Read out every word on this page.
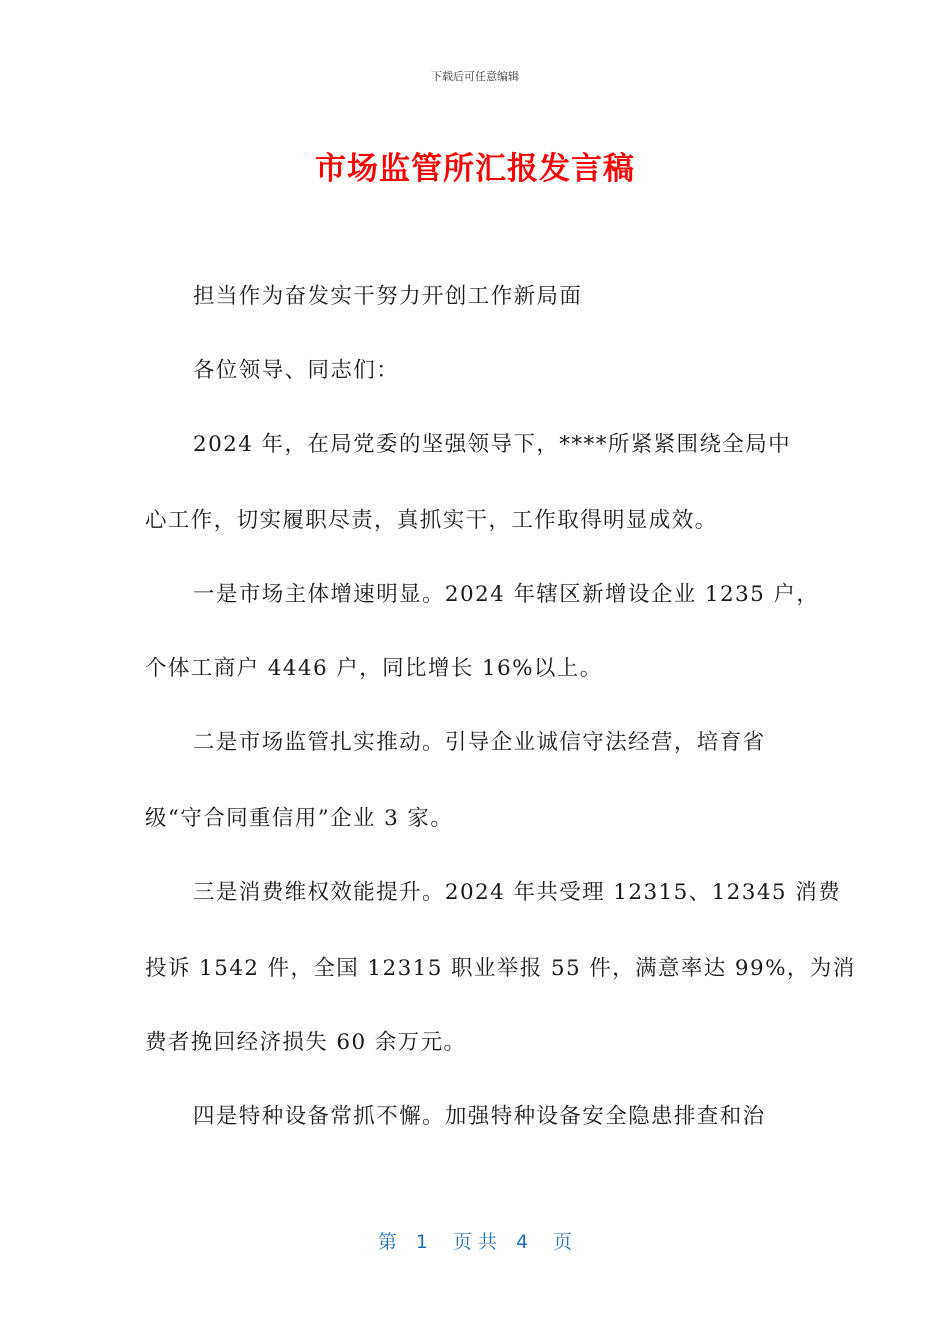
下载后可任意编辑
市场监管所汇报发言稿
担当作为奋发实干努力开创工作新局面
各位领导、同志们：
2024 年，在局党委的坚强领导下，****所紧紧围绕全局中
心工作，切实履职尽责，真抓实干，工作取得明显成效。
一是市场主体增速明显。2024 年辖区新增设企业 1235 户，
个体工商户 4446 户，同比增长 16%以上。
二是市场监管扎实推动。引导企业诚信守法经营，培育省
级“守合同重信用”企业 3 家。
三是消费维权效能提升。2024 年共受理 12315、12345 消费
投诉 1542 件，全国 12315 职业举报 55 件，满意率达 99%，为消
费者挽回经济损失 60 余万元。
四是特种设备常抓不懈。加强特种设备安全隐患排查和治
第　1　 页 共　4　 页
